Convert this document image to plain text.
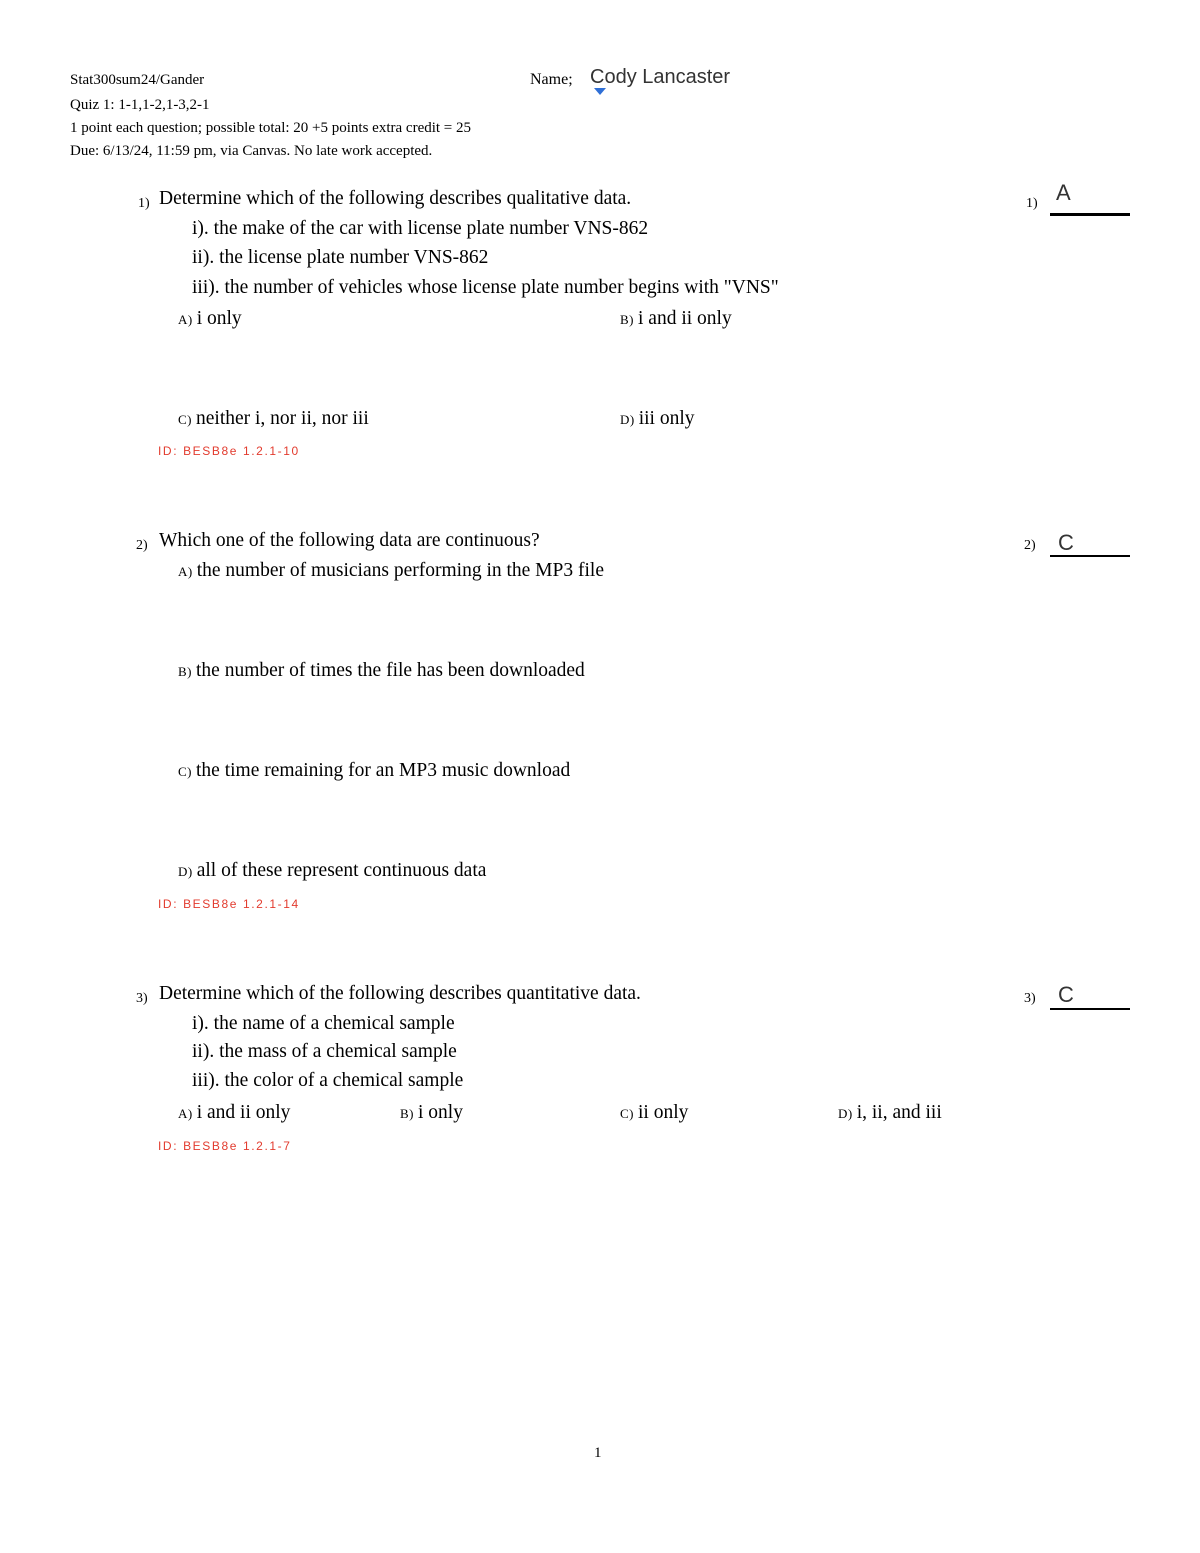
Stat300sum24/Gander
Quiz 1: 1-1,1-2,1-3,2-1
1 point each question; possible total: 20 +5 points extra credit = 25
Due: 6/13/24, 11:59 pm, via Canvas. No late work accepted.
Name; Cody Lancaster
1) Determine which of the following describes qualitative data.
i). the make of the car with license plate number VNS-862
ii). the license plate number VNS-862
iii). the number of vehicles whose license plate number begins with "VNS"
A) i only	B) i and ii only
C) neither i, nor ii, nor iii	D) iii only
ID: BESB8e 1.2.1-10
1) A
2) Which one of the following data are continuous?
A) the number of musicians performing in the MP3 file
B) the number of times the file has been downloaded
C) the time remaining for an MP3 music download
D) all of these represent continuous data
ID: BESB8e 1.2.1-14
2) C
3) Determine which of the following describes quantitative data.
i). the name of a chemical sample
ii). the mass of a chemical sample
iii). the color of a chemical sample
A) i and ii only	B) i only	C) ii only	D) i, ii, and iii
ID: BESB8e 1.2.1-7
3) C
1
